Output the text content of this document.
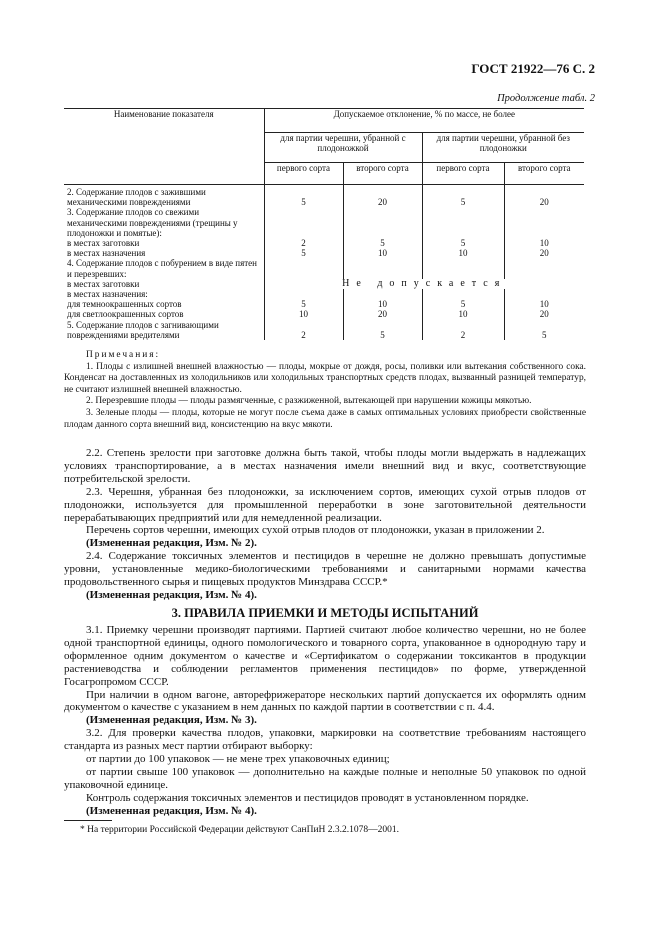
ГОСТ 21922—76 С. 2
Продолжение табл. 2
Наименование показателя	Допускаемое отклонение, % по массе, не более			
	для партии черешни, убранной с плодоножкой		для партии черешни, убранной без плодоножки	
	первого сорта	второго сорта	первого сорта	второго сорта
2. Содержание плодов с зажившими механическими повреждениями	5	20	5	20
3. Содержание плодов со свежими механическими повреждениями (трещины у плодоножки и помятые):				
в местах заготовки	2	5	5	10
в местах назначения	5	10	10	20
4. Содержание плодов с побурением в виде пятен и перезревших:				
в местах заготовки	Не допускается			
в местах назначения:				
для темноокрашенных сортов	5	10	5	10
для светлоокрашенных сортов	10	20	10	20
5. Содержание плодов с загнивающими повреждениями вредителями	2	5	2	5

Примечания:

1. Плоды с излишней внешней влажностью — плоды, мокрые от дождя, росы, поливки или вытекания собственного сока. Конденсат на доставленных из холодильников или холодильных транспортных средств плодах, вызванный разницей температур, не считают излишней внешней влажностью.

2. Перезревшие плоды — плоды размягченные, с разжиженной, вытекающей при нарушении кожицы мякотью.

3. Зеленые плоды — плоды, которые не могут после съема даже в самых оптимальных условиях приобрести свойственные плодам данного сорта внешний вид, консистенцию на вкус мякоти.

2.2. Степень зрелости при заготовке должна быть такой, чтобы плоды могли выдержать в надлежащих условиях транспортирование, а в местах назначения имели внешний вид и вкус, соответствующие потребительской зрелости.

2.3. Черешня, убранная без плодоножки, за исключением сортов, имеющих сухой отрыв плодов от плодоножки, используется для промышленной переработки в зоне заготовительной деятельности перерабатывающих предприятий или для немедленной реализации.

Перечень сортов черешни, имеющих сухой отрыв плодов от плодоножки, указан в приложении 2.

(Измененная редакция, Изм. № 2).

2.4. Содержание токсичных элементов и пестицидов в черешне не должно превышать допустимые уровни, установленные медико-биологическими требованиями и санитарными нормами качества продовольственного сырья и пищевых продуктов Минздрава СССР.*

(Измененная редакция, Изм. № 4).

3. ПРАВИЛА ПРИЕМКИ И МЕТОДЫ ИСПЫТАНИЙ

3.1. Приемку черешни производят партиями. Партией считают любое количество черешни, но не более одной транспортной единицы, одного помологического и товарного сорта, упакованное в однородную тару и оформленное одним документом о качестве и «Сертификатом о содержании токсикантов в продукции растениеводства и соблюдении регламентов применения пестицидов» по форме, утвержденной Госагропромом СССР.

При наличии в одном вагоне, авторефрижераторе нескольких партий допускается их оформлять одним документом о качестве с указанием в нем данных по каждой партии в соответствии с п. 4.4.

(Измененная редакция, Изм. № 3).

3.2. Для проверки качества плодов, упаковки, маркировки на соответствие требованиям настоящего стандарта из разных мест партии отбирают выборку:

от партии до 100 упаковок — не мене трех упаковочных единиц;

от партии свыше 100 упаковок — дополнительно на каждые полные и неполные 50 упаковок по одной упаковочной единице.

Контроль содержания токсичных элементов и пестицидов проводят в установленном порядке.

(Измененная редакция, Изм. № 4).

* На территории Российской Федерации действуют СанПиН 2.3.2.1078—2001.
